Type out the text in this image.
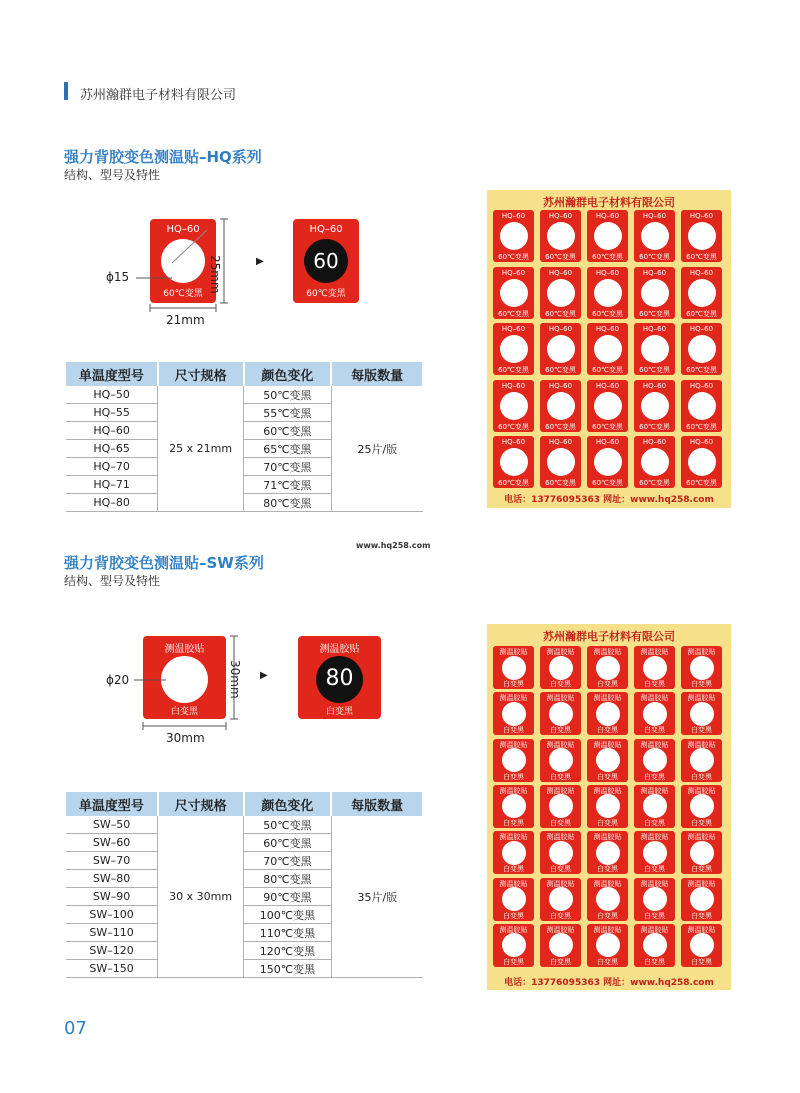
苏州瀚群电子材料有限公司
强力背胶变色测温贴–HQ系列
结构、型号及特性
HQ–60
60℃变黑
ϕ15	25mm
21mm
▶
HQ–60
60
60℃变黑
单温度型号	尺寸规格	颜色变化	每版数量
HQ–50	25 x 21mm	50℃变黑	25片/版
HQ–55		55℃变黑	
HQ–60		60℃变黑	
HQ–65		65℃变黑	
HQ–70		70℃变黑	
HQ–71		71℃变黑	
HQ–80		80℃变黑	
苏州瀚群电子材料有限公司
电话：13776095363 网址：www.hq258.com
HQ–60
60℃变黑
HQ–60
60℃变黑
HQ–60
60℃变黑
HQ–60
60℃变黑
HQ–60
60℃变黑
HQ–60
60℃变黑
HQ–60
60℃变黑
HQ–60
60℃变黑
HQ–60
60℃变黑
HQ–60
60℃变黑
HQ–60
60℃变黑
HQ–60
60℃变黑
HQ–60
60℃变黑
HQ–60
60℃变黑
HQ–60
60℃变黑
HQ–60
60℃变黑
HQ–60
60℃变黑
HQ–60
60℃变黑
HQ–60
60℃变黑
HQ–60
60℃变黑
HQ–60
60℃变黑
HQ–60
60℃变黑
HQ–60
60℃变黑
HQ–60
60℃变黑
HQ–60
60℃变黑
www.hq258.com
强力背胶变色测温贴–SW系列
结构、型号及特性
测温胶贴
白变黑
ϕ20	30mm
30mm
▶
测温胶贴
80
白变黑
单温度型号	尺寸规格	颜色变化	每版数量
SW–50	30 x 30mm	50℃变黑	35片/版
SW–60		60℃变黑	
SW–70		70℃变黑	
SW–80		80℃变黑	
SW–90		90℃变黑	
SW–100		100℃变黑	
SW–110		110℃变黑	
SW–120		120℃变黑	
SW–150		150℃变黑	
苏州瀚群电子材料有限公司
电话：13776095363 网址：www.hq258.com
测温胶贴
白变黑
测温胶贴
白变黑
测温胶贴
白变黑
测温胶贴
白变黑
测温胶贴
白变黑
测温胶贴
白变黑
测温胶贴
白变黑
测温胶贴
白变黑
测温胶贴
白变黑
测温胶贴
白变黑
测温胶贴
白变黑
测温胶贴
白变黑
测温胶贴
白变黑
测温胶贴
白变黑
测温胶贴
白变黑
测温胶贴
白变黑
测温胶贴
白变黑
测温胶贴
白变黑
测温胶贴
白变黑
测温胶贴
白变黑
测温胶贴
白变黑
测温胶贴
白变黑
测温胶贴
白变黑
测温胶贴
白变黑
测温胶贴
白变黑
测温胶贴
白变黑
测温胶贴
白变黑
测温胶贴
白变黑
测温胶贴
白变黑
测温胶贴
白变黑
测温胶贴
白变黑
测温胶贴
白变黑
测温胶贴
白变黑
测温胶贴
白变黑
测温胶贴
白变黑
07
